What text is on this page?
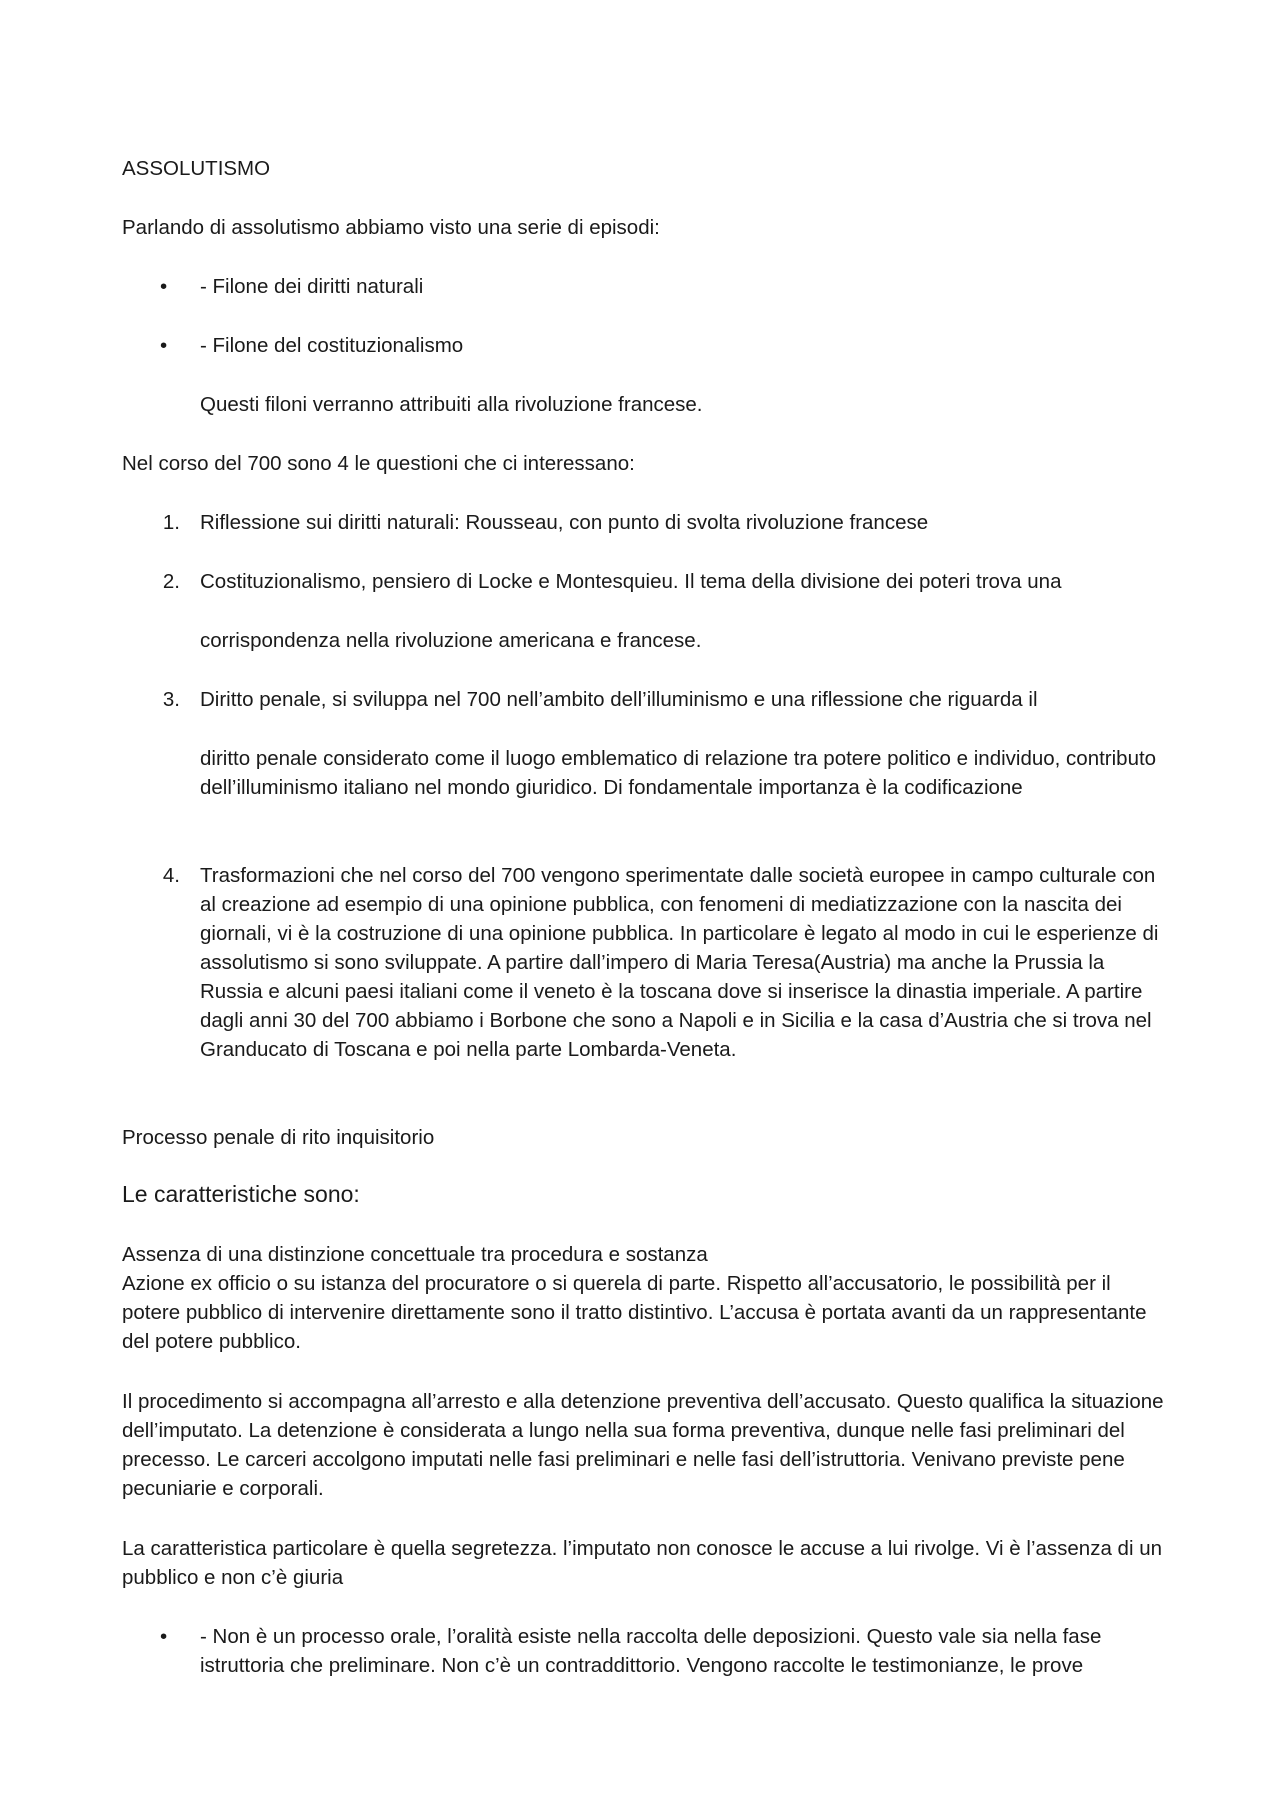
ASSOLUTISMO
Parlando di assolutismo abbiamo visto una serie di episodi:
•	- Filone dei diritti naturali
•	- Filone del costituzionalismo
Questi filoni verranno attribuiti alla rivoluzione francese.
Nel corso del 700 sono 4 le questioni che ci interessano:
1. Riflessione sui diritti naturali: Rousseau, con punto di svolta rivoluzione francese
2. Costituzionalismo, pensiero di Locke e Montesquieu. Il tema della divisione dei poteri trova una
corrispondenza nella rivoluzione americana e francese.
3. Diritto penale, si sviluppa nel 700 nell’ambito dell’illuminismo e una riflessione che riguarda il
diritto penale considerato come il luogo emblematico di relazione tra potere politico e individuo, contributo dell’illuminismo italiano nel mondo giuridico. Di fondamentale importanza è la codificazione
4. Trasformazioni che nel corso del 700 vengono sperimentate dalle società europee in campo culturale con al creazione ad esempio di una opinione pubblica, con fenomeni di mediatizzazione con la nascita dei giornali, vi è la costruzione di una opinione pubblica. In particolare è legato al modo in cui le esperienze di assolutismo si sono sviluppate. A partire dall’impero di Maria Teresa(Austria) ma anche la Prussia la Russia e alcuni paesi italiani come il veneto è la toscana dove si inserisce la dinastia imperiale. A partire dagli anni 30 del 700 abbiamo i Borbone che sono a Napoli e in Sicilia e la casa d’Austria che si trova nel Granducato di Toscana e poi nella parte Lombarda-Veneta.
Processo penale di rito inquisitorio
Le caratteristiche sono:
Assenza di una distinzione concettuale tra procedura e sostanza
Azione ex officio o su istanza del procuratore o si querela di parte. Rispetto all’accusatorio, le possibilità per il potere pubblico di intervenire direttamente sono il tratto distintivo. L’accusa è portata avanti da un rappresentante del potere pubblico.
Il procedimento si accompagna all’arresto e alla detenzione preventiva dell’accusato. Questo qualifica la situazione dell’imputato. La detenzione è considerata a lungo nella sua forma preventiva, dunque nelle fasi preliminari del precesso. Le carceri accolgono imputati nelle fasi preliminari e nelle fasi dell’istruttoria. Venivano previste pene pecuniarie e corporali.
La caratteristica particolare è quella segretezza. l’imputato non conosce le accuse a lui rivolge. Vi è l’assenza di un pubblico e non c’è giuria
•	- Non è un processo orale, l’oralità esiste nella raccolta delle deposizioni. Questo vale sia nella fase istruttoria che preliminare. Non c’è un contraddittorio. Vengono raccolte le testimonianze, le prove
